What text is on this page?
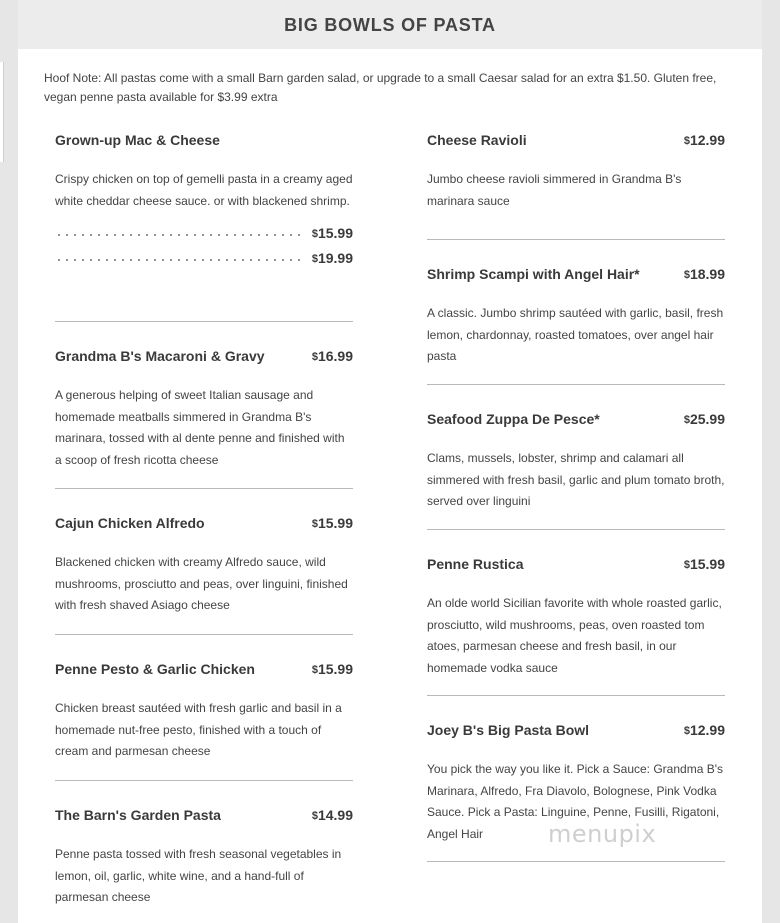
BIG BOWLS OF PASTA
Hoof Note: All pastas come with a small Barn garden salad, or upgrade to a small Caesar salad for an extra $1.50. Gluten free, vegan penne pasta available for $3.99 extra
Grown-up Mac & Cheese
Crispy chicken on top of gemelli pasta in a creamy aged white cheddar cheese sauce. or with blackened shrimp.
$15.99
$19.99
Grandma B's Macaroni & Gravy	$16.99
A generous helping of sweet Italian sausage and homemade meatballs simmered in Grandma B's marinara, tossed with al dente penne and finished with a scoop of fresh ricotta cheese
Cajun Chicken Alfredo	$15.99
Blackened chicken with creamy Alfredo sauce, wild mushrooms, prosciutto and peas, over linguini, finished with fresh shaved Asiago cheese
Penne Pesto & Garlic Chicken	$15.99
Chicken breast sautéed with fresh garlic and basil in a homemade nut-free pesto, finished with a touch of cream and parmesan cheese
The Barn's Garden Pasta	$14.99
Penne pasta tossed with fresh seasonal vegetables in lemon, oil, garlic, white wine, and a hand-full of parmesan cheese
Cheese Ravioli	$12.99
Jumbo cheese ravioli simmered in Grandma B's marinara sauce
Shrimp Scampi with Angel Hair*	$18.99
A classic. Jumbo shrimp sautéed with garlic, basil, fresh lemon, chardonnay, roasted tomatoes, over angel hair pasta
Seafood Zuppa De Pesce*	$25.99
Clams, mussels, lobster, shrimp and calamari all simmered with fresh basil, garlic and plum tomato broth, served over linguini
Penne Rustica	$15.99
An olde world Sicilian favorite with whole roasted garlic, prosciutto, wild mushrooms, peas, oven roasted tom atoes, parmesan cheese and fresh basil, in our homemade vodka sauce
Joey B's Big Pasta Bowl	$12.99
You pick the way you like it. Pick a Sauce: Grandma B's Marinara, Alfredo, Fra Diavolo, Bolognese, Pink Vodka Sauce. Pick a Pasta: Linguine, Penne, Fusilli, Rigatoni, Angel Hair	menupix
